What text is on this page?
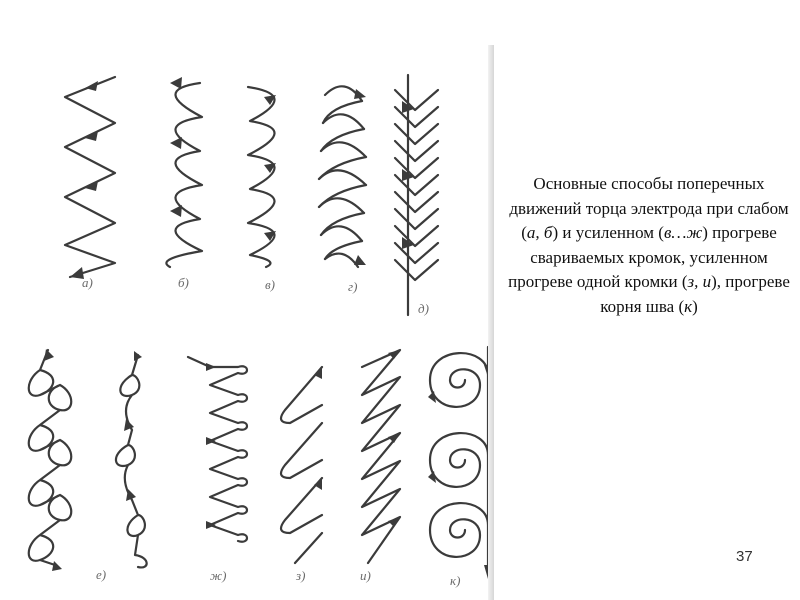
а)	б)	в)	г)
д)
е)	ж)	з)	и)	к)
Основные способы поперечных движений торца электрода при слабом (а, б) и усиленном (в…ж) прогреве свариваемых кромок, усиленном прогреве одной кромки (з, и), прогреве корня шва (к)
37
